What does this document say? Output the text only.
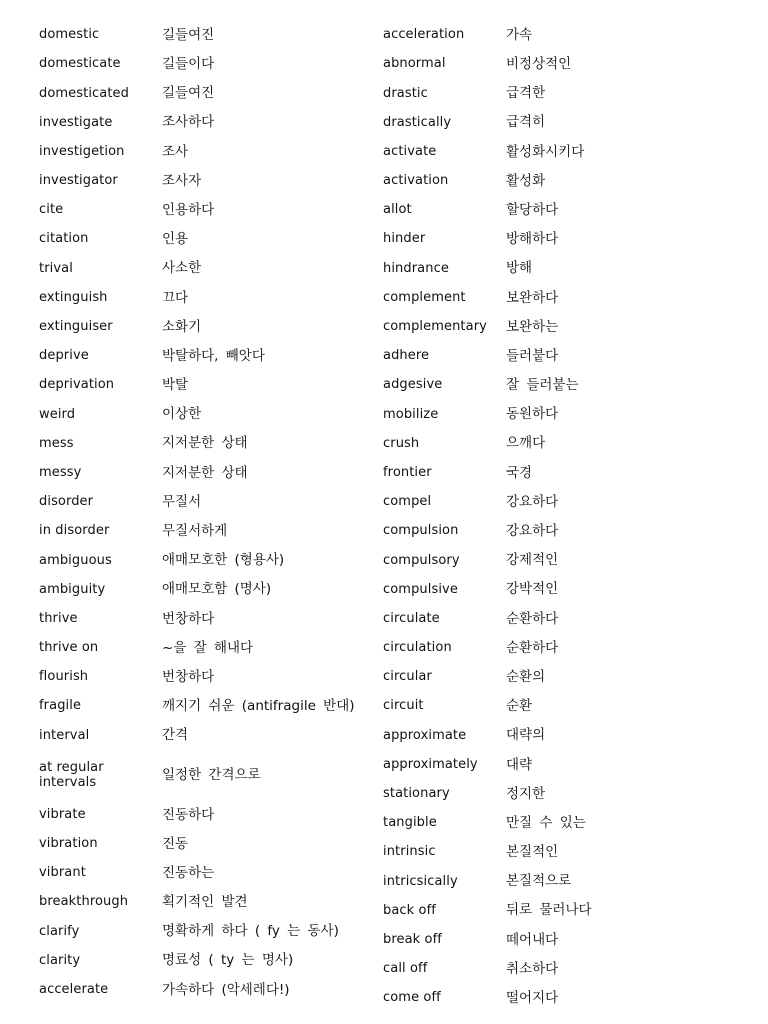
domestic	길들여진
domesticate	길들이다
domesticated	길들여진
investigate	조사하다
investigetion	조사
investigator	조사자
cite	인용하다
citation	인용
trival	사소한
extinguish	끄다
extinguiser	소화기
deprive	박탈하다, 빼앗다
deprivation	박탈
weird	이상한
mess	지저분한 상태
messy	지저분한 상태
disorder	무질서
in disorder	무질서하게
ambiguous	애매모호한 (형용사)
ambiguity	애매모호함 (명사)
thrive	번창하다
thrive on	~을 잘 해내다
flourish	번창하다
fragile	깨지기 쉬운 (antifragile 반대)
interval	간격
at regular intervals	일정한 간격으로
vibrate	진동하다
vibration	진동
vibrant	진동하는
breakthrough	획기적인 발견
clarify	명확하게 하다 ( fy 는 동사)
clarity	명료성 ( ty 는 명사)
accelerate	가속하다 (악세레다!)
acceleration	가속
abnormal	비정상적인
drastic	급격한
drastically	급격히
activate	활성화시키다
activation	활성화
allot	할당하다
hinder	방해하다
hindrance	방해
complement	보완하다
complementary	보완하는
adhere	들러붙다
adgesive	잘 들러붙는
mobilize	동원하다
crush	으깨다
frontier	국경
compel	강요하다
compulsion	강요하다
compulsory	강제적인
compulsive	강박적인
circulate	순환하다
circulation	순환하다
circular	순환의
circuit	순환
approximate	대략의
approximately	대략
stationary	정지한
tangible	만질 수 있는
intrinsic	본질적인
intricsically	본질적으로
back off	뒤로 물러나다
break off	떼어내다
call off	취소하다
come off	떨어지다
